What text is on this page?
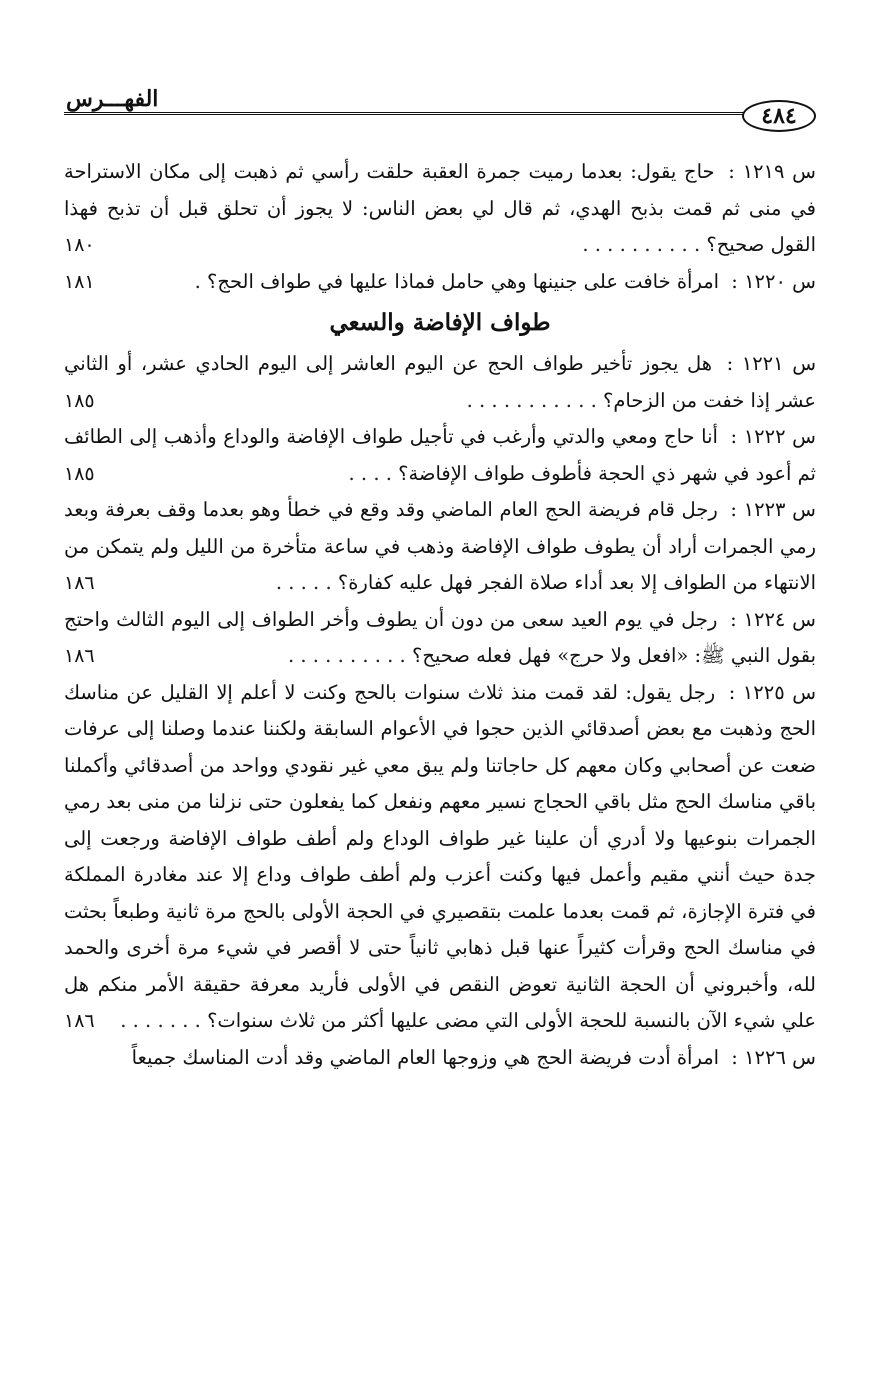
٤٨٤
الفهـــرس

س ١٢١٩ : حاج يقول: بعدما رميت جمرة العقبة حلقت رأسي ثم ذهبت إلى مكان الاستراحة في منى ثم قمت بذبح الهدي، ثم قال لي بعض الناس: لا يجوز أن تحلق قبل أن تذبح فهذا القول صحيح؟ . . . . . . . . . .
١٨٠

س ١٢٢٠ : امرأة خافت على جنينها وهي حامل فماذا عليها في طواف الحج؟ .
١٨١

طواف الإفاضة والسعي

س ١٢٢١ : هل يجوز تأخير طواف الحج عن اليوم العاشر إلى اليوم الحادي عشر، أو الثاني عشر إذا خفت من الزحام؟ . . . . . . . . . . .
١٨٥

س ١٢٢٢ : أنا حاج ومعي والدتي وأرغب في تأجيل طواف الإفاضة والوداع وأذهب إلى الطائف ثم أعود في شهر ذي الحجة فأطوف طواف الإفاضة؟ . . . .
١٨٥

س ١٢٢٣ : رجل قام فريضة الحج العام الماضي وقد وقع في خطأ وهو بعدما وقف بعرفة وبعد رمي الجمرات أراد أن يطوف طواف الإفاضة وذهب في ساعة متأخرة من الليل ولم يتمكن من الانتهاء من الطواف إلا بعد أداء صلاة الفجر فهل عليه كفارة؟ . . . . .
١٨٦

س ١٢٢٤ : رجل في يوم العيد سعى من دون أن يطوف وأخر الطواف إلى اليوم الثالث واحتج بقول النبي ﷺ: «افعل ولا حرج» فهل فعله صحيح؟ . . . . . . . . . .
١٨٦

س ١٢٢٥ : رجل يقول: لقد قمت منذ ثلاث سنوات بالحج وكنت لا أعلم إلا القليل عن مناسك الحج وذهبت مع بعض أصدقائي الذين حجوا في الأعوام السابقة ولكننا عندما وصلنا إلى عرفات ضعت عن أصحابي وكان معهم كل حاجاتنا ولم يبق معي غير نقودي وواحد من أصدقائي وأكملنا باقي مناسك الحج مثل باقي الحجاج نسير معهم ونفعل كما يفعلون حتى نزلنا من منى بعد رمي الجمرات بنوعيها ولا أدري أن علينا غير طواف الوداع ولم أطف طواف الإفاضة ورجعت إلى جدة حيث أنني مقيم وأعمل فيها وكنت أعزب ولم أطف طواف وداع إلا عند مغادرة المملكة في فترة الإجازة، ثم قمت بعدما علمت بتقصيري في الحجة الأولى بالحج مرة ثانية وطبعاً بحثت في مناسك الحج وقرأت كثيراً عنها قبل ذهابي ثانياً حتى لا أقصر في شيء مرة أخرى والحمد لله، وأخبروني أن الحجة الثانية تعوض النقص في الأولى فأريد معرفة حقيقة الأمر منكم هل علي شيء الآن بالنسبة للحجة الأولى التي مضى عليها أكثر من ثلاث سنوات؟ . . . . . . .
١٨٦

س ١٢٢٦ : امرأة أدت فريضة الحج هي وزوجها العام الماضي وقد أدت المناسك جميعاً
